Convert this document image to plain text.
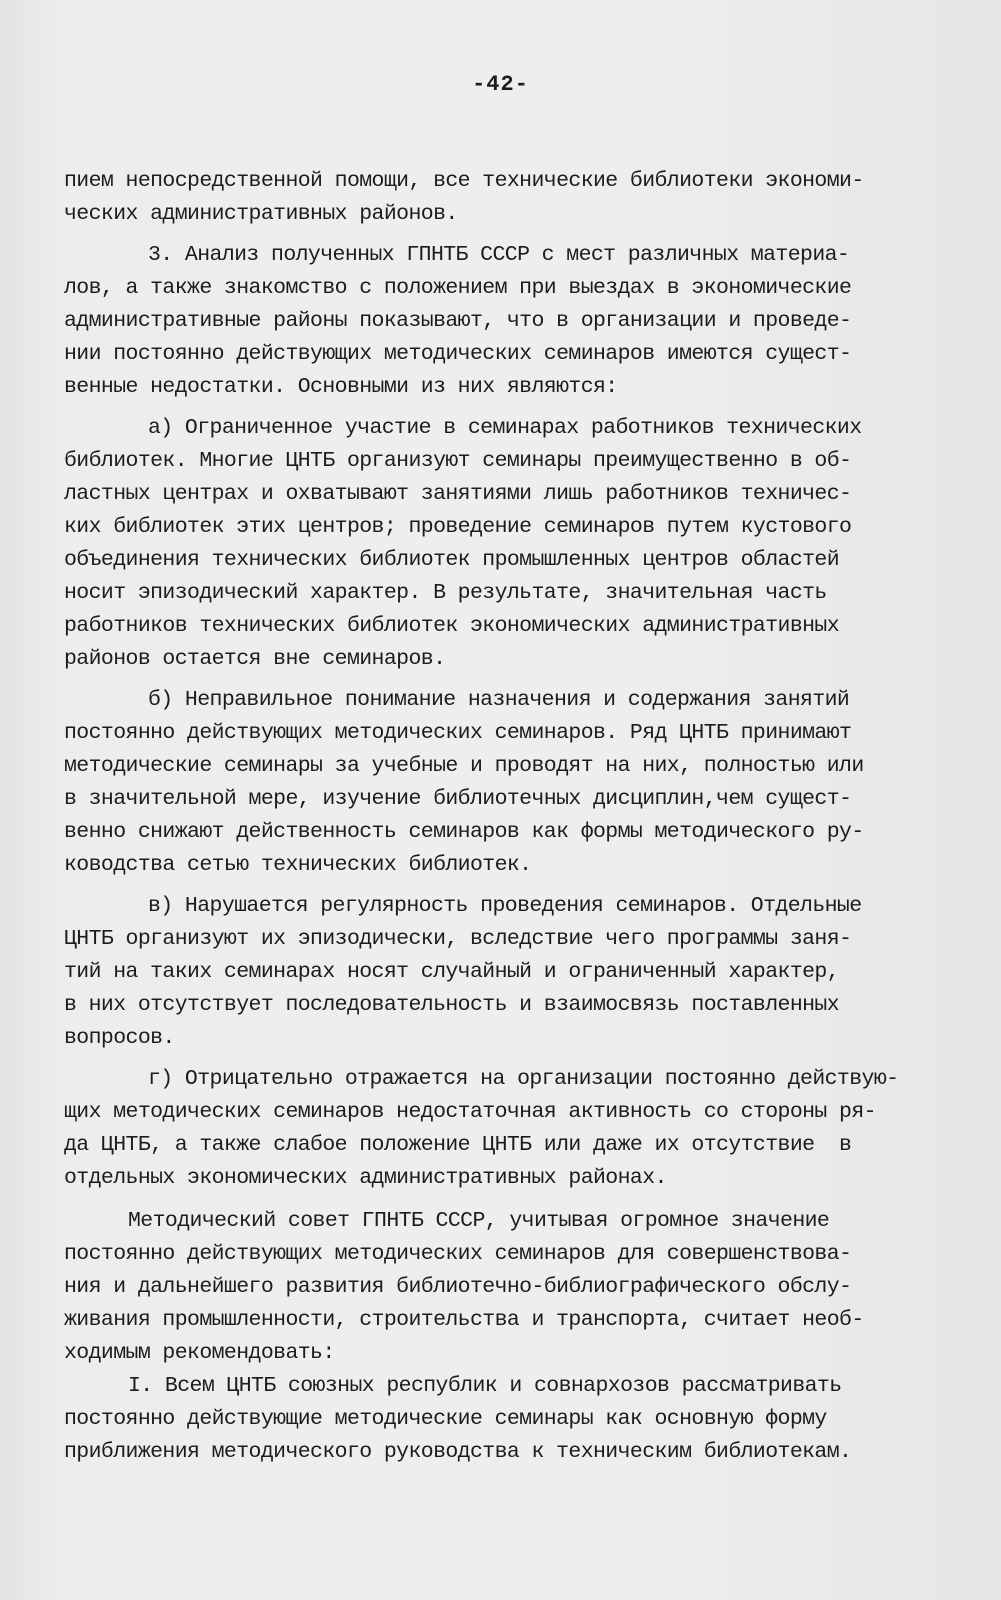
-42-
пием непосредственной помощи, все технические библиотеки экономи-
ческих административных районов.
3. Анализ полученных ГПНТБ СССР с мест различных материа-
лов, а также знакомство с положением при выездах в экономические
административные районы показывают, что в организации и проведе-
нии постоянно действующих методических семинаров имеются сущест-
венные недостатки. Основными из них являются:
а) Ограниченное участие в семинарах работников технических
библиотек. Многие ЦНТБ организуют семинары преимущественно в об-
ластных центрах и охватывают занятиями лишь работников техничес-
ких библиотек этих центров; проведение семинаров путем кустового
объединения технических библиотек промышленных центров областей
носит эпизодический характер. В результате, значительная часть
работников технических библиотек экономических административных
районов остается вне семинаров.
б) Неправильное понимание назначения и содержания занятий
постоянно действующих методических семинаров. Ряд ЦНТБ принимают
методические семинары за учебные и проводят на них, полностью или
в значительной мере, изучение библиотечных дисциплин,чем сущест-
венно снижают действенность семинаров как формы методического ру-
ководства сетью технических библиотек.
в) Нарушается регулярность проведения семинаров. Отдельные
ЦНТБ организуют их эпизодически, вследствие чего программы заня-
тий на таких семинарах носят случайный и ограниченный характер,
в них отсутствует последовательность и взаимосвязь поставленных
вопросов.
г) Отрицательно отражается на организации постоянно действую-
щих методических семинаров недостаточная активность со стороны ря-
да ЦНТБ, а также слабое положение ЦНТБ или даже их отсутствие  в
отдельных экономических административных районах.
Методический совет ГПНТБ СССР, учитывая огромное значение
постоянно действующих методических семинаров для совершенствова-
ния и дальнейшего развития библиотечно-библиографического обслу-
живания промышленности, строительства и транспорта, считает необ-
ходимым рекомендовать:
I. Всем ЦНТБ союзных республик и совнархозов рассматривать
постоянно действующие методические семинары как основную форму
приближения методического руководства к техническим библиотекам.
